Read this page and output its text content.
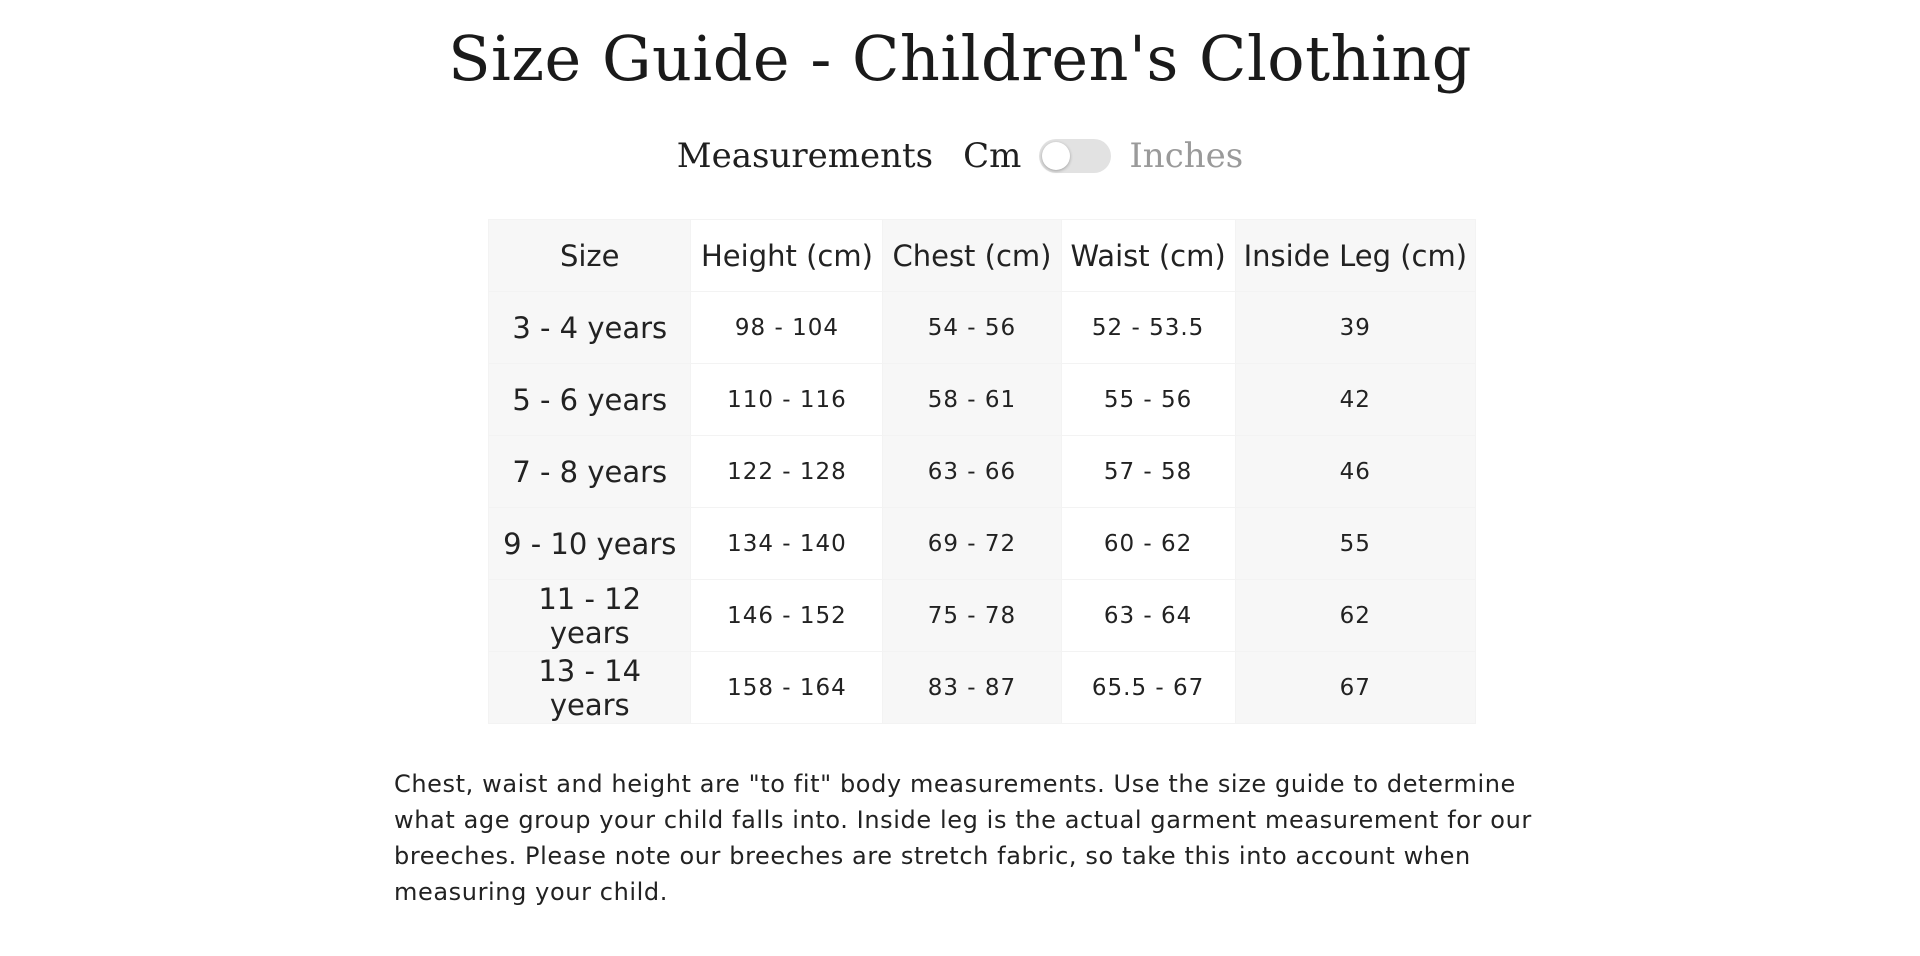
Size Guide - Children's Clothing
Measurements Cm	Inches
Size	Height (cm)	Chest (cm)	Waist (cm)	Inside Leg (cm)
3 - 4 years	98 - 104	54 - 56	52 - 53.5	39
5 - 6 years	110 - 116	58 - 61	55 - 56	42
7 - 8 years	122 - 128	63 - 66	57 - 58	46
9 - 10 years	134 - 140	69 - 72	60 - 62	55
11 - 12 years	146 - 152	75 - 78	63 - 64	62
13 - 14 years	158 - 164	83 - 87	65.5 - 67	67

Chest, waist and height are "to fit" body measurements. Use the size guide to determine what age group your child falls into. Inside leg is the actual garment measurement for our breeches. Please note our breeches are stretch fabric, so take this into account when measuring your child.
